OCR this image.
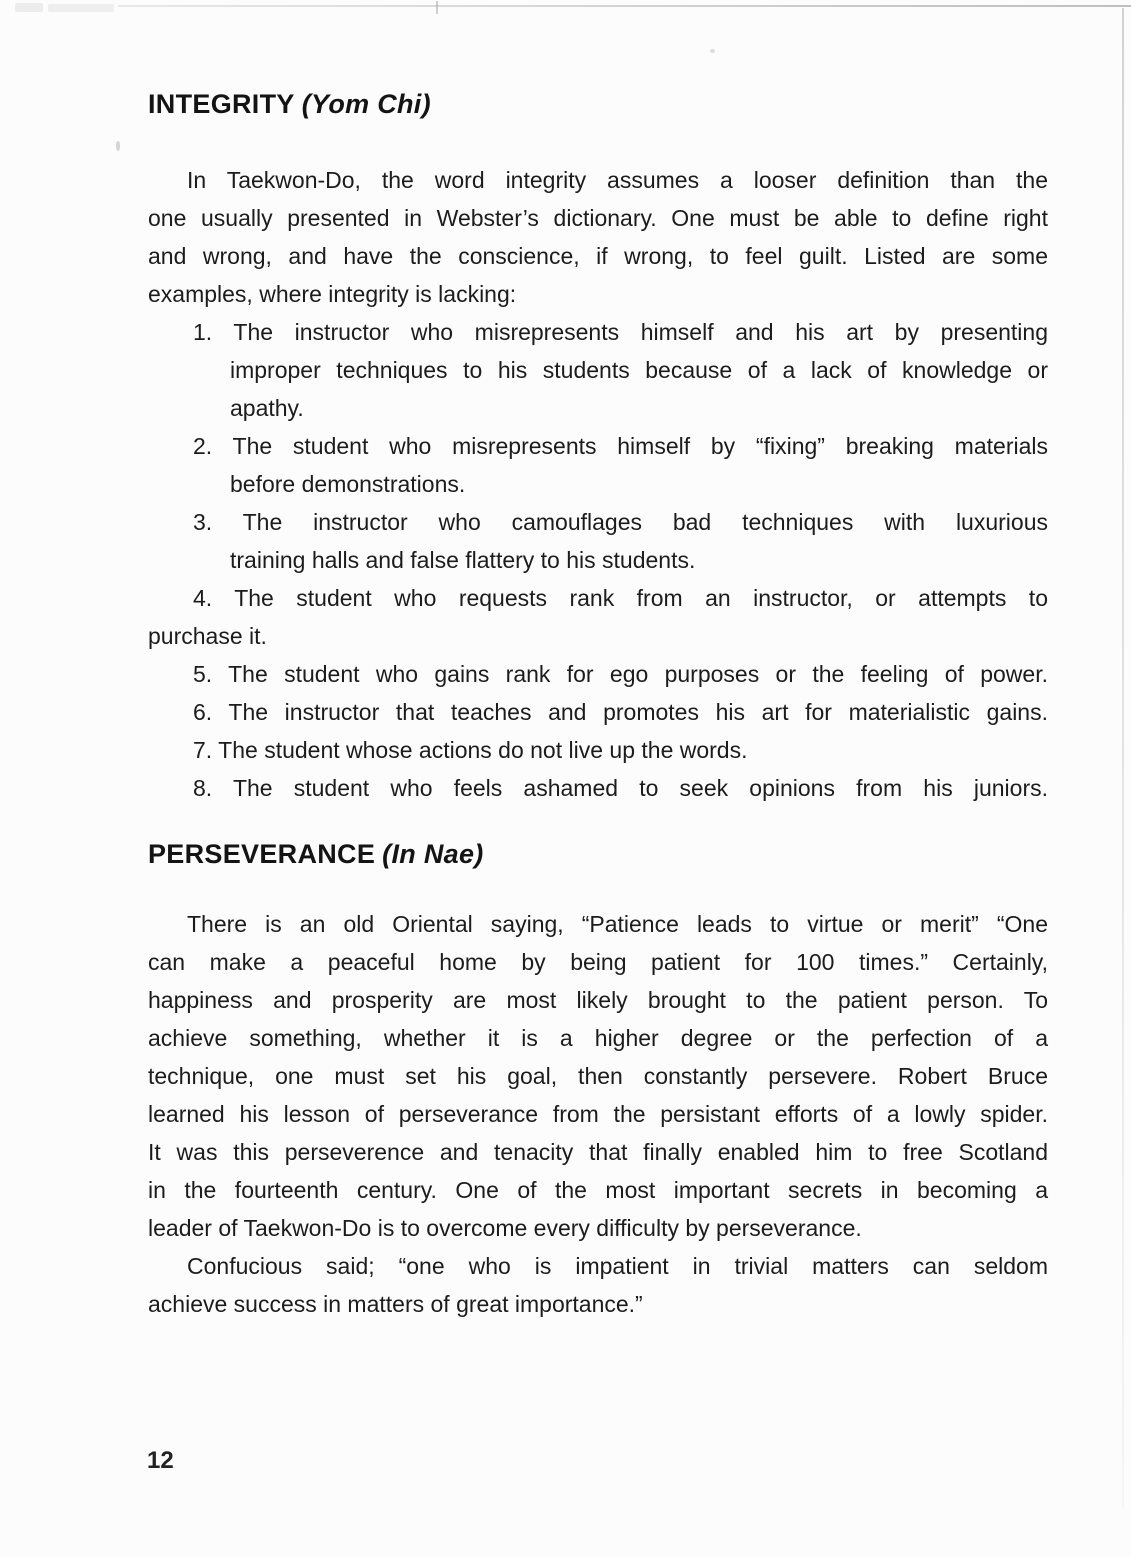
INTEGRITY (Yom Chi)
In Taekwon-Do, the word integrity assumes a looser definition than the
one usually presented in Webster’s dictionary. One must be able to define right
and wrong, and have the conscience, if wrong, to feel guilt. Listed are some
examples, where integrity is lacking:
1. The instructor who misrepresents himself and his art by presenting
improper techniques to his students because of a lack of knowledge or
apathy.
2. The student who misrepresents himself by “fixing” breaking materials
before demonstrations.
3. The instructor who camouflages bad techniques with luxurious
training halls and false flattery to his students.
4. The student who requests rank from an instructor, or attempts to
purchase it.
5. The student who gains rank for ego purposes or the feeling of power.
6. The instructor that teaches and promotes his art for materialistic gains.
7. The student whose actions do not live up the words.
8. The student who feels ashamed to seek opinions from his juniors.
PERSEVERANCE (In Nae)
There is an old Oriental saying, “Patience leads to virtue or merit” “One
can make a peaceful home by being patient for 100 times.” Certainly,
happiness and prosperity are most likely brought to the patient person. To
achieve something, whether it is a higher degree or the perfection of a
technique, one must set his goal, then constantly persevere. Robert Bruce
learned his lesson of perseverance from the persistant efforts of a lowly spider.
It was this perseverence and tenacity that finally enabled him to free Scotland
in the fourteenth century. One of the most important secrets in becoming a
leader of Taekwon-Do is to overcome every difficulty by perseverance.
Confucious said; “one who is impatient in trivial matters can seldom
achieve success in matters of great importance.”
12
